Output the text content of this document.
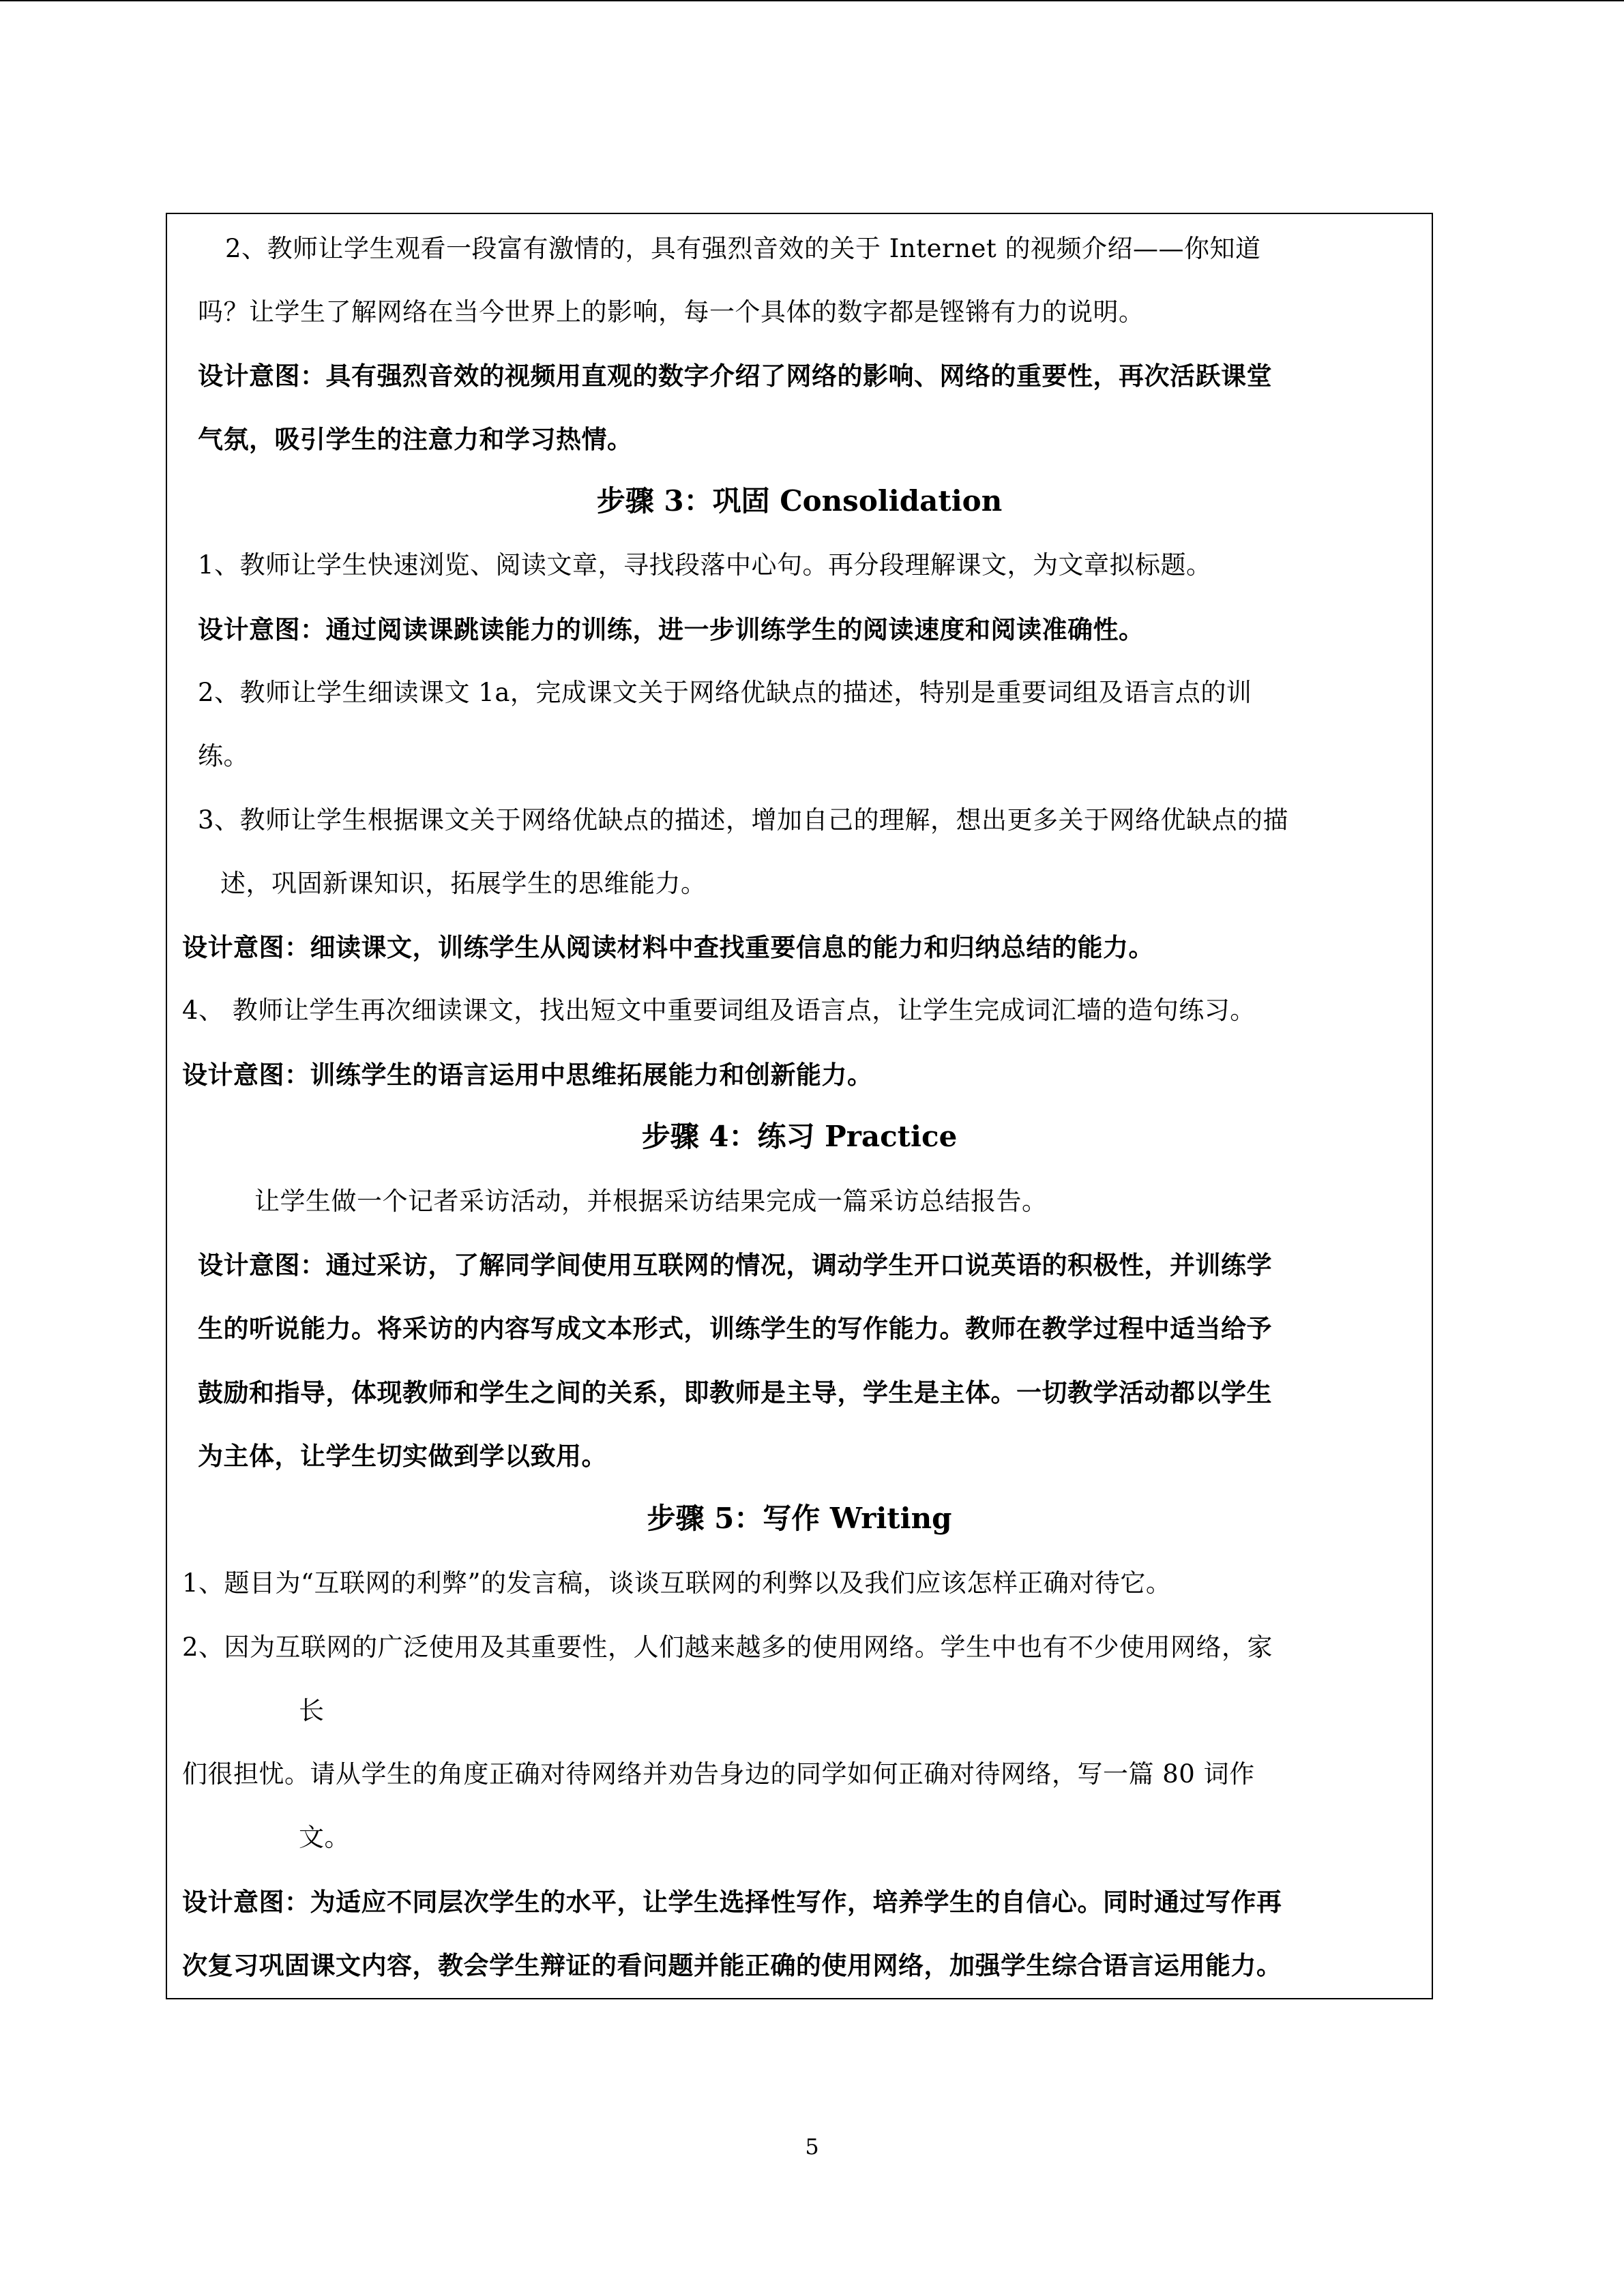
2、教师让学生观看一段富有激情的，具有强烈音效的关于 Internet 的视频介绍——你知道
吗？让学生了解网络在当今世界上的影响，每一个具体的数字都是铿锵有力的说明。
设计意图：具有强烈音效的视频用直观的数字介绍了网络的影响、网络的重要性，再次活跃课堂
气氛，吸引学生的注意力和学习热情。
步骤 3：巩固 Consolidation
1、教师让学生快速浏览、阅读文章，寻找段落中心句。再分段理解课文，为文章拟标题。
设计意图：通过阅读课跳读能力的训练，进一步训练学生的阅读速度和阅读准确性。
2、教师让学生细读课文 1a，完成课文关于网络优缺点的描述，特别是重要词组及语言点的训
练。
3、教师让学生根据课文关于网络优缺点的描述，增加自己的理解，想出更多关于网络优缺点的描
述，巩固新课知识，拓展学生的思维能力。
设计意图：细读课文，训练学生从阅读材料中查找重要信息的能力和归纳总结的能力。
4、 教师让学生再次细读课文，找出短文中重要词组及语言点，让学生完成词汇墙的造句练习。
设计意图：训练学生的语言运用中思维拓展能力和创新能力。
步骤 4：练习 Practice
让学生做一个记者采访活动，并根据采访结果完成一篇采访总结报告。
设计意图：通过采访，了解同学间使用互联网的情况，调动学生开口说英语的积极性，并训练学
生的听说能力。将采访的内容写成文本形式，训练学生的写作能力。教师在教学过程中适当给予
鼓励和指导，体现教师和学生之间的关系，即教师是主导，学生是主体。一切教学活动都以学生
为主体，让学生切实做到学以致用。
步骤 5：写作 Writing
1、题目为“互联网的利弊”的发言稿，谈谈互联网的利弊以及我们应该怎样正确对待它。
2、因为互联网的广泛使用及其重要性，人们越来越多的使用网络。学生中也有不少使用网络，家
长
们很担忧。请从学生的角度正确对待网络并劝告身边的同学如何正确对待网络，写一篇 80 词作
文。
设计意图：为适应不同层次学生的水平，让学生选择性写作，培养学生的自信心。同时通过写作再
次复习巩固课文内容，教会学生辩证的看问题并能正确的使用网络，加强学生综合语言运用能力。
5
